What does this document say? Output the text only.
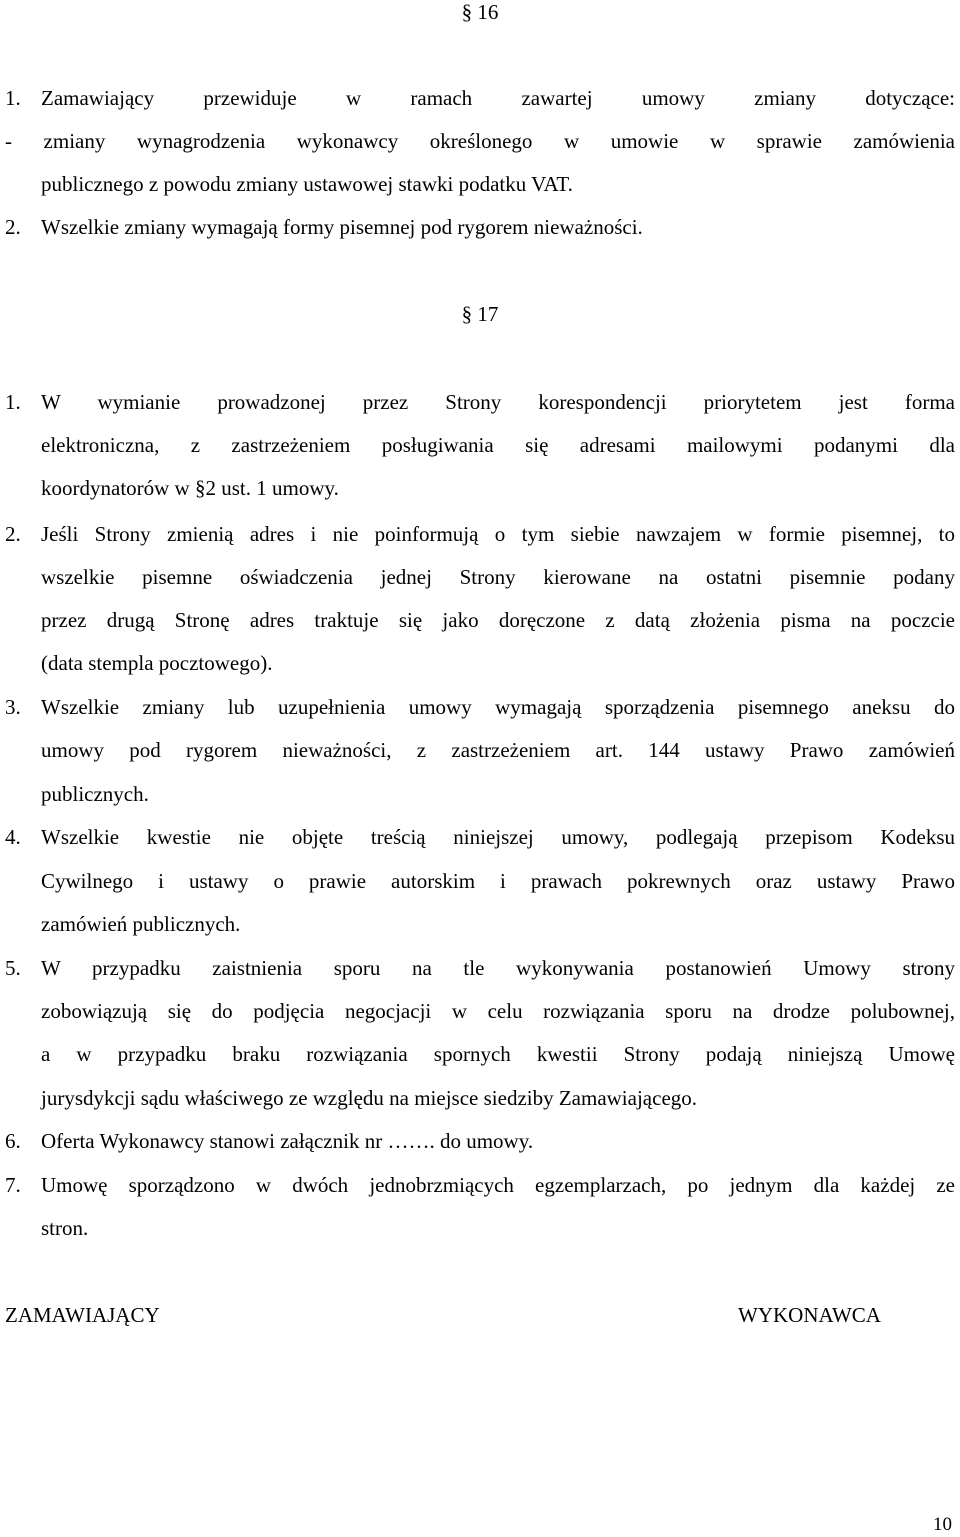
§ 16
1. Zamawiający przewiduje w ramach zawartej umowy zmiany dotyczące:
- zmiany wynagrodzenia wykonawcy określonego w umowie w sprawie zamówienia
publicznego z powodu zmiany ustawowej stawki podatku VAT.
2. Wszelkie zmiany wymagają formy pisemnej pod rygorem nieważności.
§ 17
1. W wymianie prowadzonej przez Strony korespondencji priorytetem jest forma
elektroniczna, z zastrzeżeniem posługiwania się adresami mailowymi podanymi dla
koordynatorów w §2 ust. 1 umowy.
2. Jeśli Strony zmienią adres i nie poinformują o tym siebie nawzajem w formie pisemnej, to
wszelkie pisemne oświadczenia jednej Strony kierowane na ostatni pisemnie podany
przez drugą Stronę adres traktuje się jako doręczone z datą złożenia pisma na poczcie
(data stempla pocztowego).
3. Wszelkie zmiany lub uzupełnienia umowy wymagają sporządzenia pisemnego aneksu do
umowy pod rygorem nieważności, z zastrzeżeniem art. 144 ustawy Prawo zamówień
publicznych.
4. Wszelkie kwestie nie objęte treścią niniejszej umowy, podlegają przepisom Kodeksu
Cywilnego i ustawy o prawie autorskim i prawach pokrewnych oraz ustawy Prawo
zamówień publicznych.
5. W przypadku zaistnienia sporu na tle wykonywania postanowień Umowy strony
zobowiązują się do podjęcia negocjacji w celu rozwiązania sporu na drodze polubownej,
a w przypadku braku rozwiązania spornych kwestii Strony podają niniejszą Umowę
jurysdykcji sądu właściwego ze względu na miejsce siedziby Zamawiającego.
6. Oferta Wykonawcy stanowi załącznik nr ……. do umowy.
7. Umowę sporządzono w dwóch jednobrzmiących egzemplarzach, po jednym dla każdej ze
stron.
ZAMAWIAJĄCY	WYKONAWCA
10
